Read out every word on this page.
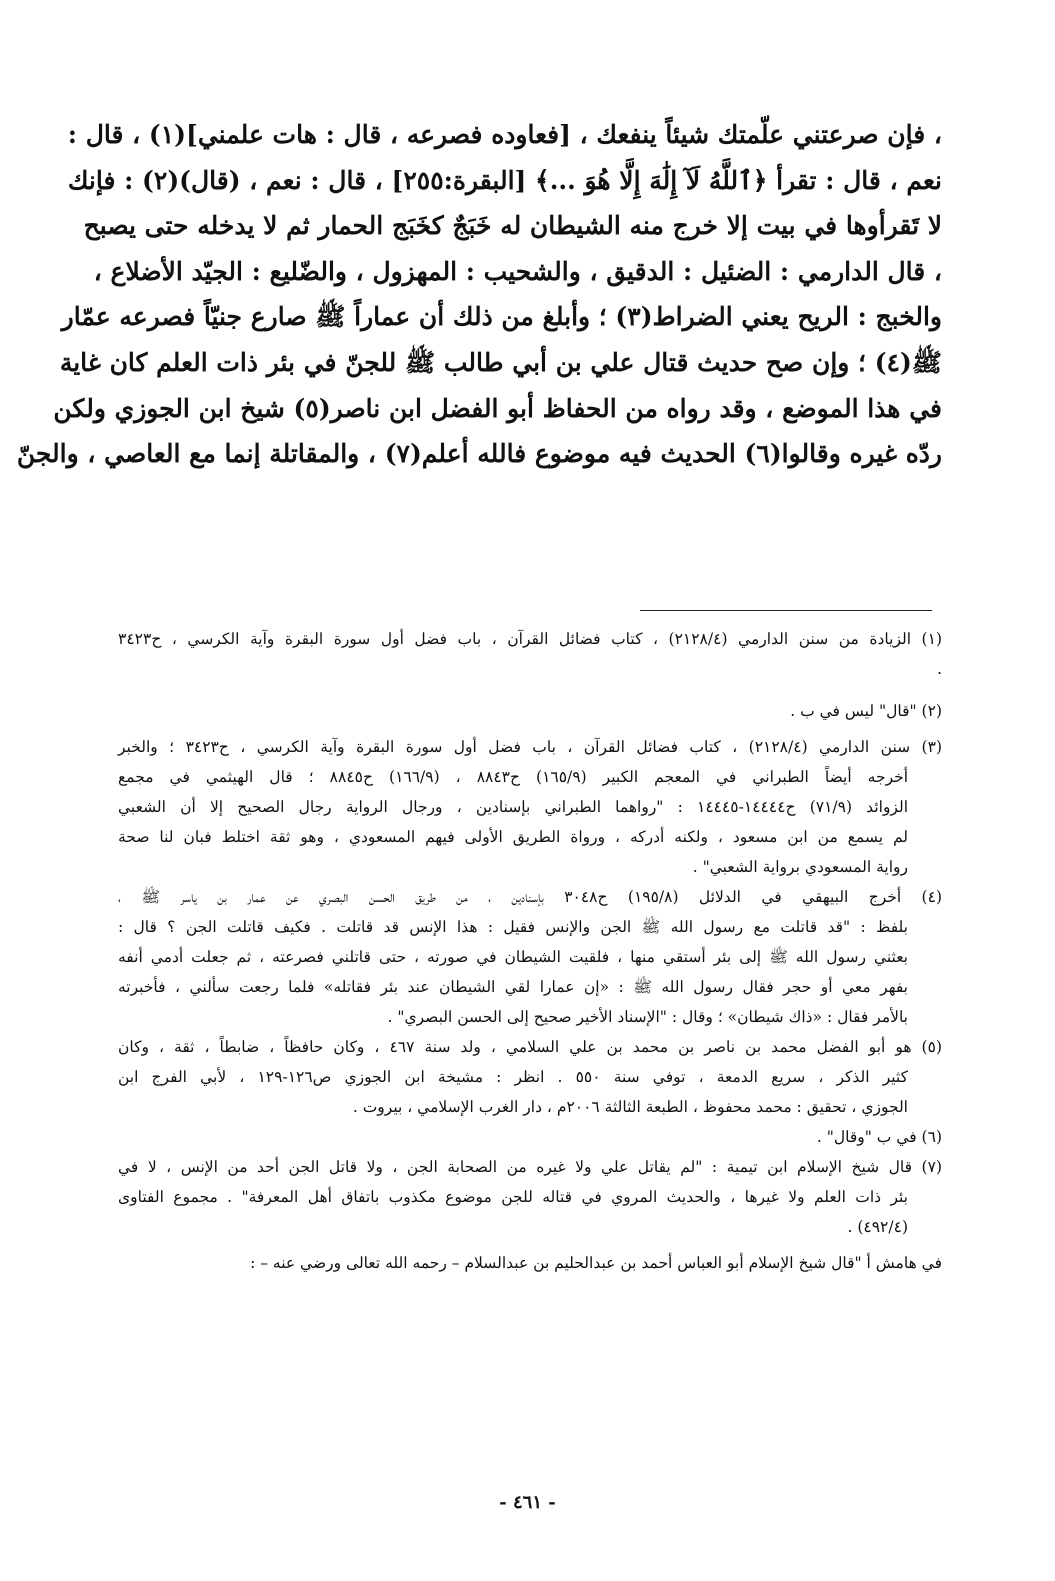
، فإن صرعتني علّمتك شيئاً ينفعك ، [فعاوده فصرعه ، قال : هات علمني](١) ، قال :
نعم ، قال : تقرأ ﴿ٱللَّهُ لَآ إِلَٰهَ إِلَّا هُوَ ...﴾ [البقرة:٢٥٥] ، قال : نعم ، (قال)(٢) : فإنك
لا تَقرأوها في بيت إلا خرج منه الشيطان له خَبَجٌ كخَبَج الحمار ثم لا يدخله حتى يصبح
، قال الدارمي : الضئيل : الدقيق ، والشحيب : المهزول ، والضّليع : الجيّد الأضلاع ،
والخبج : الريح يعني الضراط(٣) ؛ وأبلغ من ذلك أن عماراً ﷺ صارع جنيّاً فصرعه عمّار
ﷺ(٤) ؛ وإن صح حديث قتال علي بن أبي طالب ﷺ للجنّ في بئر ذات العلم كان غاية
في هذا الموضع ، وقد رواه من الحفاظ أبو الفضل ابن ناصر(٥) شيخ ابن الجوزي ولكن
ردّه غيره وقالوا(٦) الحديث فيه موضوع فالله أعلم(٧) ، والمقاتلة إنما مع العاصي ، والجنّ
(١) الزيادة من سنن الدارمي (٢١٢٨/٤) ، كتاب فضائل القرآن ، باب فضل أول سورة البقرة وآية الكرسي ، ح٣٤٢٣
.
(٢) "قال" ليس في ب .
(٣) سنن الدارمي (٢١٢٨/٤) ، كتاب فضائل القرآن ، باب فضل أول سورة البقرة وآية الكرسي ، ح٣٤٢٣ ؛ والخبر
أخرجه أيضاً الطبراني في المعجم الكبير (١٦٥/٩) ح٨٨٤٣ ، (١٦٦/٩) ح٨٨٤٥ ؛ قال الهيثمي في مجمع
الزوائد (٧١/٩) ح١٤٤٤٤-١٤٤٤٥ : "رواهما الطبراني بإسنادين ، ورجال الرواية رجال الصحيح إلا أن الشعبي
لم يسمع من ابن مسعود ، ولكنه أدركه ، ورواة الطريق الأولى فيهم المسعودي ، وهو ثقة اختلط فبان لنا صحة
رواية المسعودي برواية الشعبي" .
(٤) أخرج البيهقي في الدلائل (١٩٥/٨) ح٣٠٤٨ بإسنادين ، من طريق الحسن البصري عن عمار بن ياسر ﷺ ،
بلفظ : "قد قاتلت مع رسول الله ﷺ الجن والإنس فقيل : هذا الإنس قد قاتلت . فكيف قاتلت الجن ؟ قال :
بعثني رسول الله ﷺ إلى بئر أستقي منها ، فلقيت الشيطان في صورته ، حتى قاتلني فصرعته ، ثم جعلت أدمي أنفه
بفهر معي أو حجر فقال رسول الله ﷺ : «إن عمارا لقي الشيطان عند بئر فقاتله» فلما رجعت سألني ، فأخبرته
بالأمر فقال : «ذاك شيطان» ؛ وقال : "الإسناد الأخير صحيح إلى الحسن البصري" .
(٥) هو أبو الفضل محمد بن ناصر بن محمد بن علي السلامي ، ولد سنة ٤٦٧ ، وكان حافظاً ، ضابطاً ، ثقة ، وكان
كثير الذكر ، سريع الدمعة ، توفي سنة ٥٥٠ . انظر : مشيخة ابن الجوزي ص١٢٦-١٢٩ ، لأبي الفرج ابن
الجوزي ، تحقيق : محمد محفوظ ، الطبعة الثالثة ٢٠٠٦م ، دار الغرب الإسلامي ، بيروت .
(٦) في ب "وقال" .
(٧) قال شيخ الإسلام ابن تيمية : "لم يقاتل علي ولا غيره من الصحابة الجن ، ولا قاتل الجن أحد من الإنس ، لا في
بئر ذات العلم ولا غيرها ، والحديث المروي في قتاله للجن موضوع مكذوب باتفاق أهل المعرفة" . مجموع الفتاوى
(٤٩٢/٤) .
في هامش أ "قال شيخ الإسلام أبو العباس أحمد بن عبدالحليم بن عبدالسلام – رحمه الله تعالى ورضي عنه – :
- ٤٦١ -
